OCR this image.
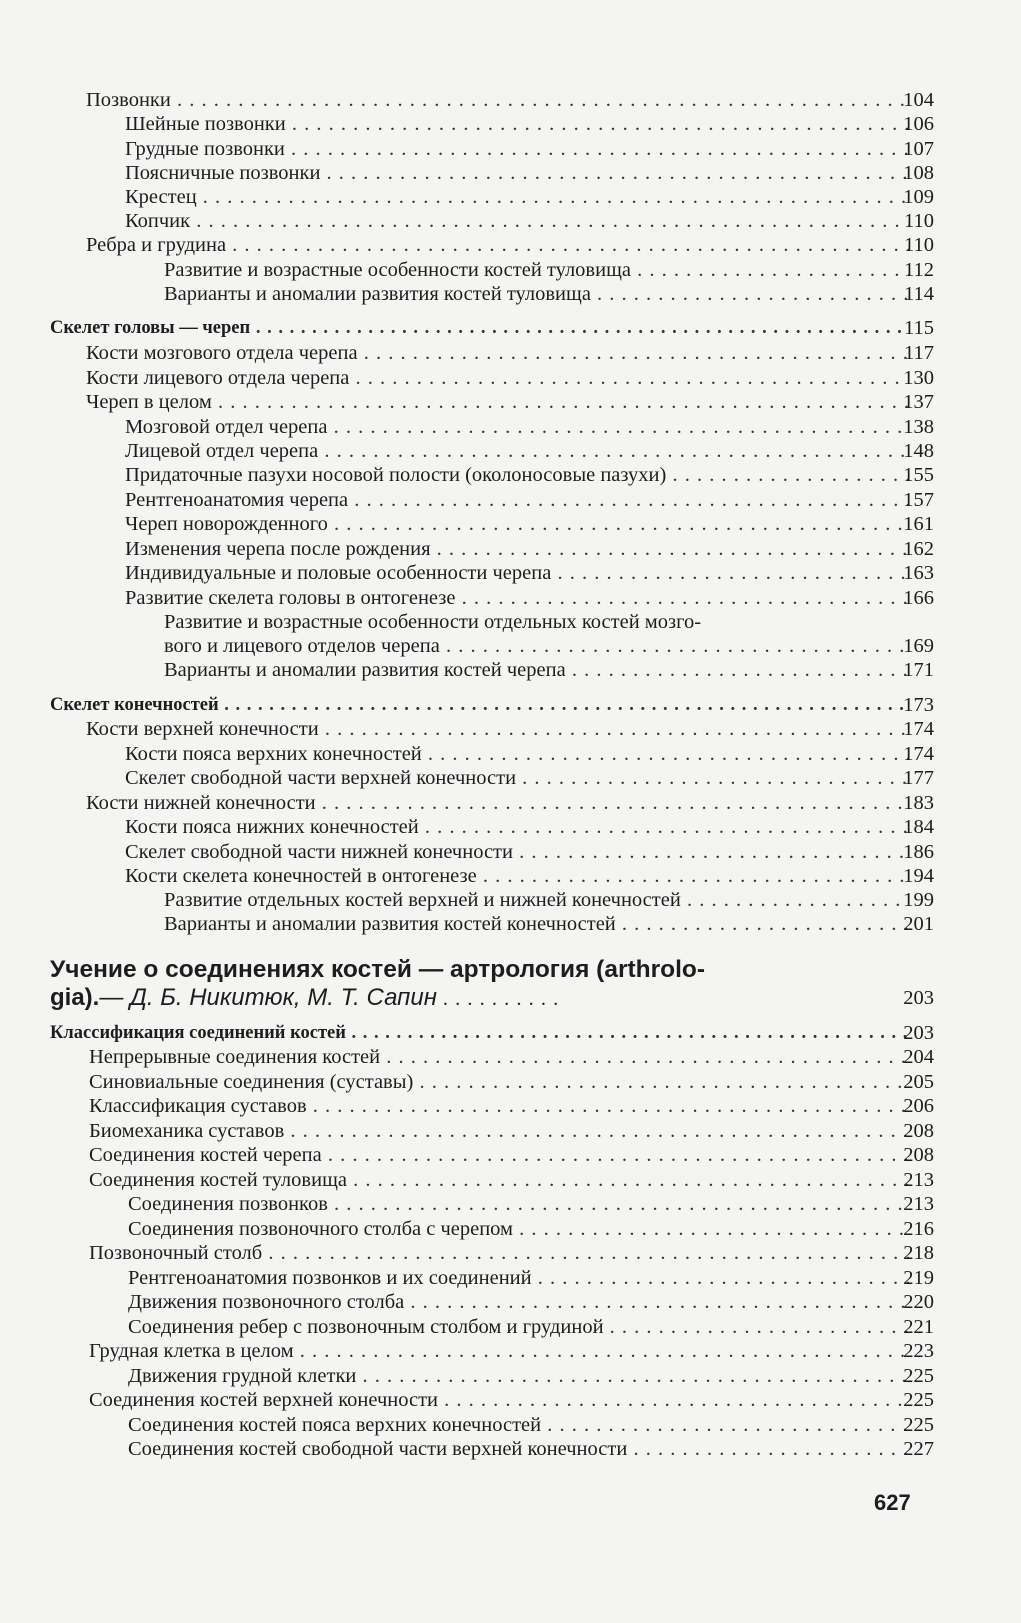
Позвонки . . .	104
Шейные позвонки . . .	106
Грудные позвонки . . .	107
Поясничные позвонки . . .	108
Крестец . . .	109
Копчик . . .	110
Ребра и грудина . . .	110
Развитие и возрастные особенности костей туловища . . .	112
Варианты и аномалии развития костей туловища . . .	114
Скелет головы — череп . . .	115
Кости мозгового отдела черепа . . .	117
Кости лицевого отдела черепа . . .	130
Череп в целом . . .	137
Мозговой отдел черепа . . .	138
Лицевой отдел черепа . . .	148
Придаточные пазухи носовой полости (околоносовые пазухи) . . .	155
Рентгеноанатомия черепа . . .	157
Череп новорожденного . . .	161
Изменения черепа после рождения . . .	162
Индивидуальные и половые особенности черепа . . .	163
Развитие скелета головы в онтогенезе . . .	166
Развитие и возрастные особенности отдельных костей мозго-
вого и лицевого отделов черепа . . .	169
Варианты и аномалии развития костей черепа . . .	171
Скелет конечностей . . .	173
Кости верхней конечности . . .	174
Кости пояса верхних конечностей . . .	174
Скелет свободной части верхней конечности . . .	177
Кости нижней конечности . . .	183
Кости пояса нижних конечностей . . .	184
Скелет свободной части нижней конечности . . .	186
Кости скелета конечностей в онтогенезе . . .	194
Развитие отдельных костей верхней и нижней конечностей . . .	199
Варианты и аномалии развития костей конечностей . . .	201
Учение о соединениях костей — артрология (arthrolo-
gia).— Д. Б. Никитюк, М. Т. Сапин . . . . . . . . . .	203
Классификация соединений костей . . .	203
Непрерывные соединения костей . . .	204
Синовиальные соединения (суставы) . . .	205
Классификация суставов . . .	206
Биомеханика суставов . . .	208
Соединения костей черепа . . .	208
Соединения костей туловища . . .	213
Соединения позвонков . . .	213
Соединения позвоночного столба с черепом . . .	216
Позвоночный столб . . .	218
Рентгеноанатомия позвонков и их соединений . . .	219
Движения позвоночного столба . . .	220
Соединения ребер с позвоночным столбом и грудиной . . .	221
Грудная клетка в целом . . .	223
Движения грудной клетки . . .	225
Соединения костей верхней конечности . . .	225
Соединения костей пояса верхних конечностей . . .	225
Соединения костей свободной части верхней конечности . . .	227
627
